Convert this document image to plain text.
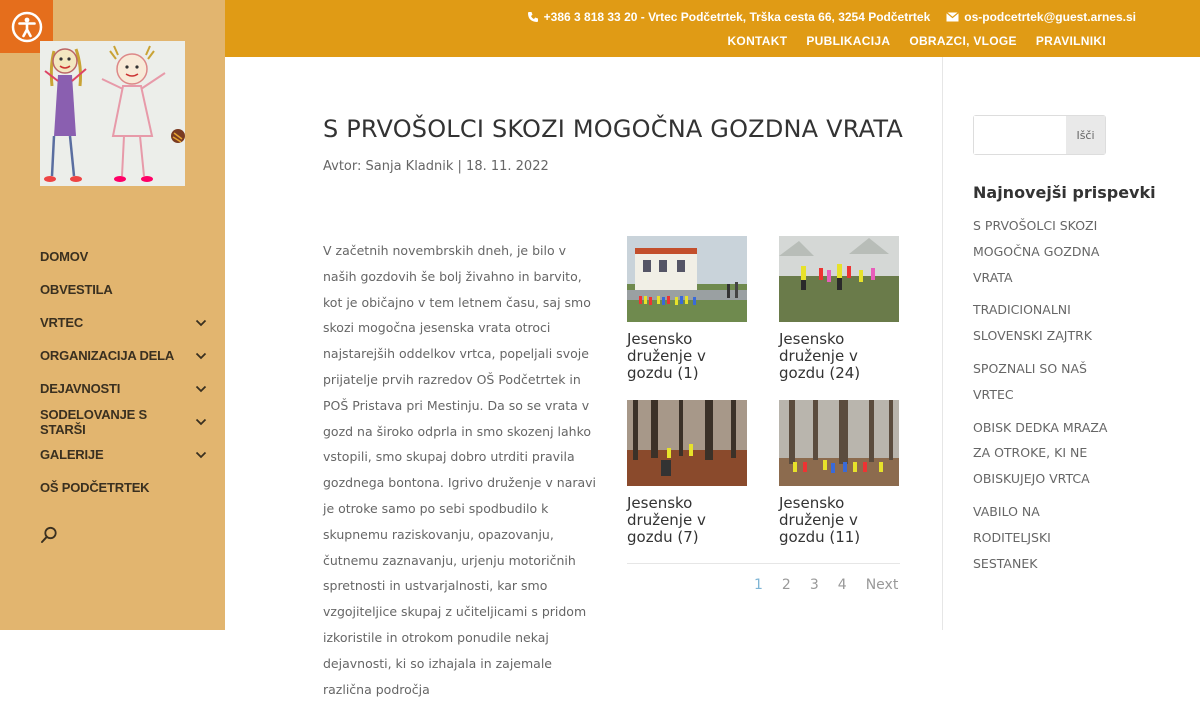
DOMOV
OBVESTILA
VRTEC
ORGANIZACIJA DELA
DEJAVNOSTI
SODELOVANJE S STARŠI
GALERIJE
OŠ PODČETRTEK
+386 3 818 33 20 - Vrtec Podčetrtek, Trška cesta 66, 3254 Podčetrtek	os-podcetrtek@guest.arnes.si
KONTAKT PUBLIKACIJA OBRAZCI, VLOGE PRAVILNIKI
S PRVOŠOLCI SKOZI MOGOČNA GOZDNA VRATA
Avtor: Sanja Kladnik | 18. 11. 2022

V začetnih novembrskih dneh, je bilo v naših gozdovih še bolj živahno in barvito, kot je običajno v tem letnem času, saj smo skozi mogočna jesenska vrata otroci najstarejših oddelkov vrtca, popeljali svoje prijatelje prvih razredov OŠ Podčetrtek in POŠ Pristava pri Mestinju. Da so se vrata v gozd na široko odprla in smo skozenj lahko vstopili, smo skupaj dobro utrditi pravila gozdnega bontona. Igrivo druženje v naravi je otroke samo po sebi spodbudilo k skupnemu raziskovanju, opazovanju, čutnemu zaznavanju, urjenju motoričnih spretnosti in ustvarjalnosti, kar smo vzgojiteljice skupaj z učiteljicami s pridom izkoristile in otrokom ponudile nekaj dejavnosti, ki so izhajala in zajemale različna področja

Jesensko druženje v gozdu (1)
Jesensko druženje v gozdu (24)
Jesensko druženje v gozdu (7)
Jesensko druženje v gozdu (11)
1 2 3 4 Next
Išči
Najnovejši prispevki
S PRVOŠOLCI SKOZI MOGOČNA GOZDNA VRATA
TRADICIONALNI SLOVENSKI ZAJTRK
SPOZNALI SO NAŠ VRTEC
OBISK DEDKA MRAZA ZA OTROKE, KI NE OBISKUJEJO VRTCA
VABILO NA RODITELJSKI SESTANEK
